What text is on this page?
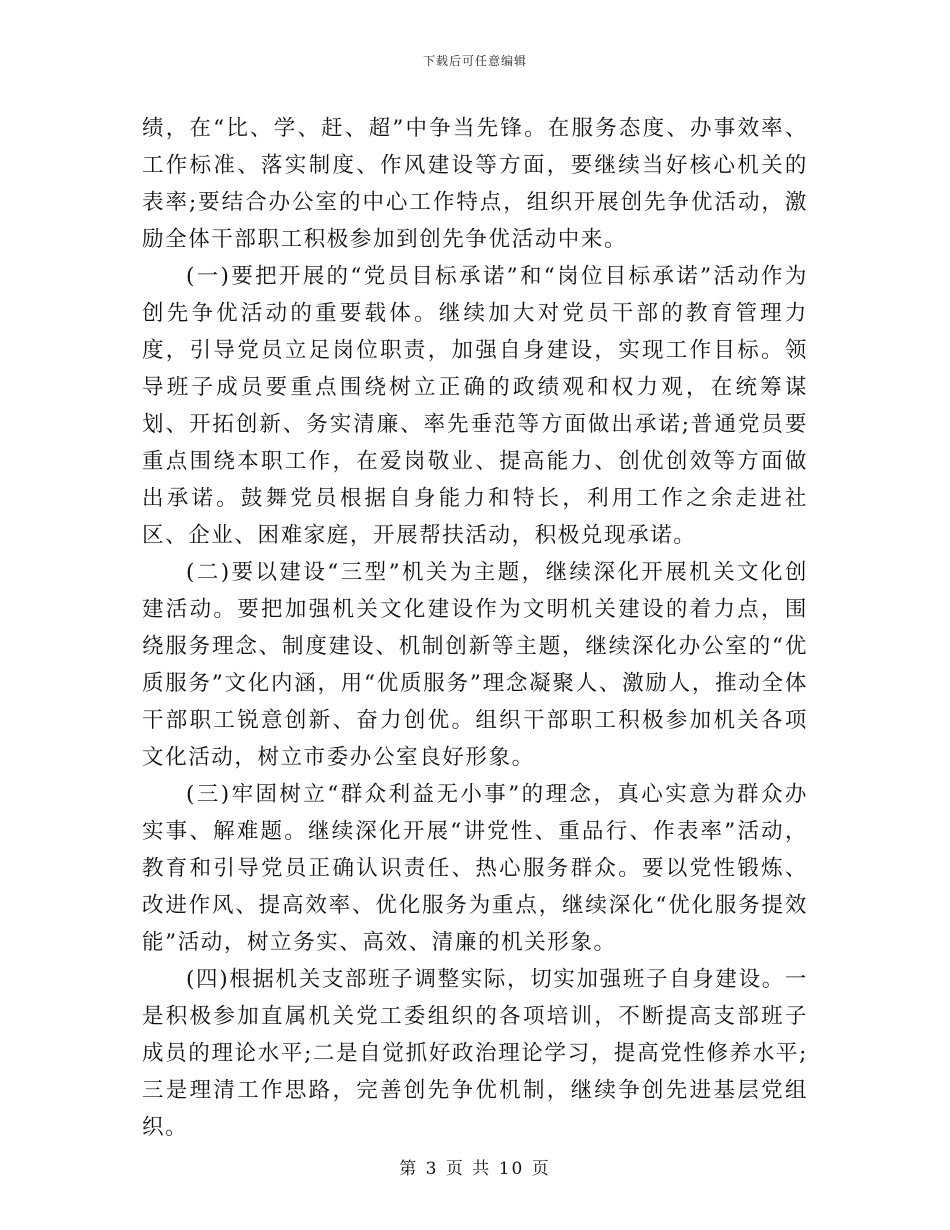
下载后可任意编辑

绩，在“比、学、赶、超”中争当先锋。在服务态度、办事效率、工作标准、落实制度、作风建设等方面，要继续当好核心机关的表率;要结合办公室的中心工作特点，组织开展创先争优活动，激励全体干部职工积极参加到创先争优活动中来。

(一)要把开展的“党员目标承诺”和“岗位目标承诺”活动作为创先争优活动的重要载体。继续加大对党员干部的教育管理力度，引导党员立足岗位职责，加强自身建设，实现工作目标。领导班子成员要重点围绕树立正确的政绩观和权力观，在统筹谋划、开拓创新、务实清廉、率先垂范等方面做出承诺;普通党员要重点围绕本职工作，在爱岗敬业、提高能力、创优创效等方面做出承诺。鼓舞党员根据自身能力和特长，利用工作之余走进社区、企业、困难家庭，开展帮扶活动，积极兑现承诺。

(二)要以建设“三型”机关为主题，继续深化开展机关文化创建活动。要把加强机关文化建设作为文明机关建设的着力点，围绕服务理念、制度建设、机制创新等主题，继续深化办公室的“优质服务”文化内涵，用“优质服务”理念凝聚人、激励人，推动全体干部职工锐意创新、奋力创优。组织干部职工积极参加机关各项文化活动，树立市委办公室良好形象。

(三)牢固树立“群众利益无小事”的理念，真心实意为群众办实事、解难题。继续深化开展“讲党性、重品行、作表率”活动，教育和引导党员正确认识责任、热心服务群众。要以党性锻炼、改进作风、提高效率、优化服务为重点，继续深化“优化服务提效能”活动，树立务实、高效、清廉的机关形象。

(四)根据机关支部班子调整实际，切实加强班子自身建设。一是积极参加直属机关党工委组织的各项培训，不断提高支部班子成员的理论水平;二是自觉抓好政治理论学习，提高党性修养水平;三是理清工作思路，完善创先争优机制，继续争创先进基层党组织。

第 3 页 共 10 页
